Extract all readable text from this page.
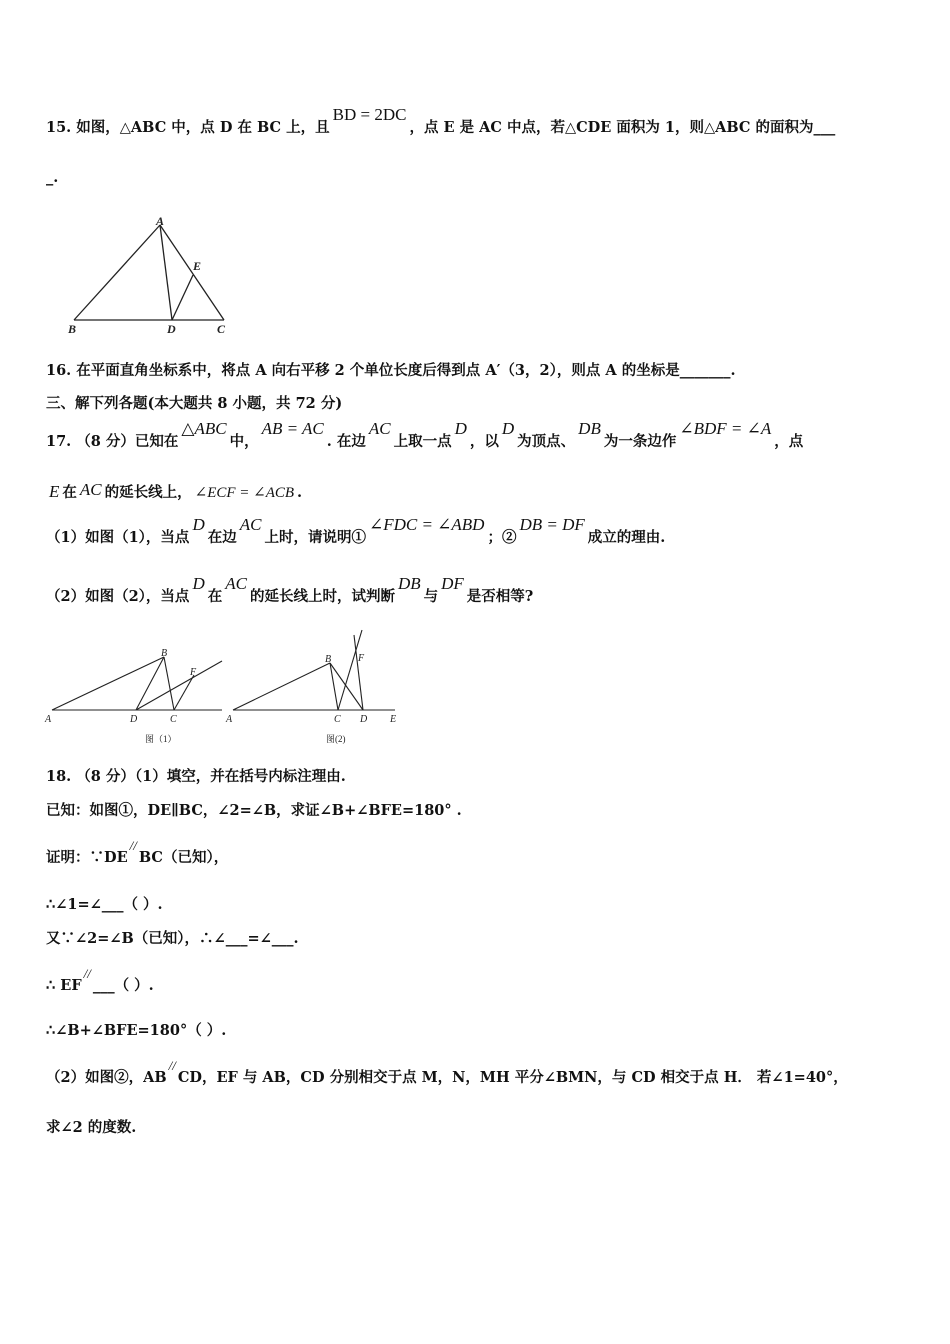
15. 如图，△ABC 中，点 D 在 BC 上，且BD = 2DC，点 E 是 AC 中点，若△CDE 面积为 1，则△ABC 的面积为___
_.
A
B	D	C
E
16. 在平面直角坐标系中，将点 A 向右平移 2 个单位长度后得到点 A′（3，2），则点 A 的坐标是_______.
三、解下列各题(本大题共 8 小题，共 72 分)
17. （8 分）已知在△ABC中，AB = AC. 在边AC上取一点D，以D为顶点、DB为一条边作∠BDF = ∠A，点
E 在 AC 的延长线上， ∠ECF = ∠ACB .
（1）如图（1），当点D在边AC上时，请说明①∠FDC = ∠ABD；②DB = DF成立的理由.
（2）如图（2），当点D在AC的延长线上时，试判断DB与DF是否相等?
A
B
D	C
F
A
B
C D E
F
图（1）	图(2)
18. （8 分）（1）填空，并在括号内标注理由.
已知：如图①，DE∥BC，∠2=∠B，求证∠B+∠BFE=180° .
证明：∵DE//BC（已知），
∴∠1=∠___（ ）.
又∵∠2=∠B（已知），∴∠___=∠___.
∴ EF//___（ ）.
∴∠B+∠BFE=180°（ ）.
（2）如图②，AB//CD，EF 与 AB，CD 分别相交于点 M，N，MH 平分∠BMN，与 CD 相交于点 H． 若∠1=40°，
求∠2 的度数.
